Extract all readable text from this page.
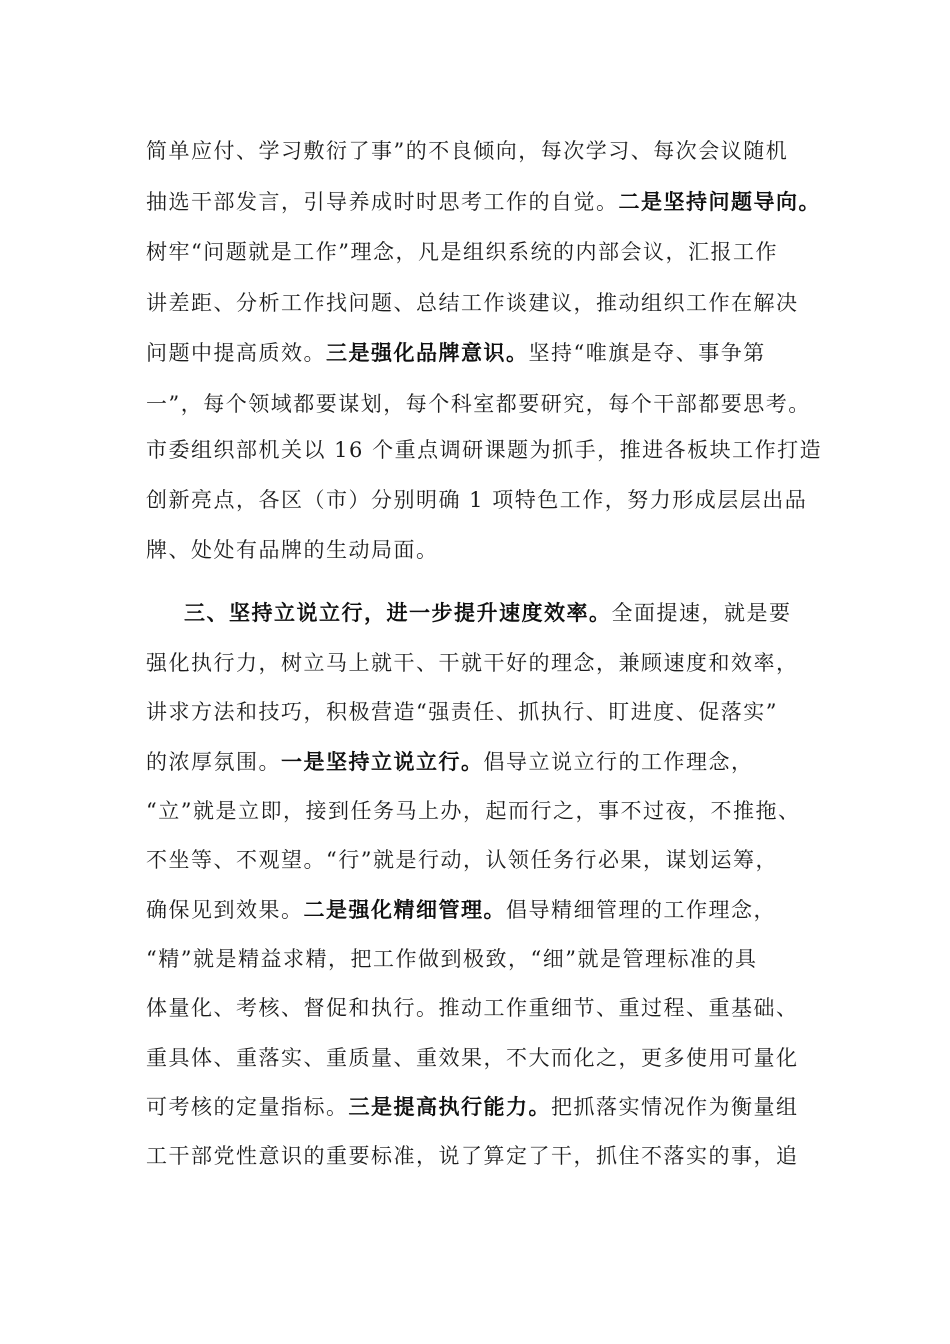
简单应付、学习敷衍了事”的不良倾向，每次学习、每次会议随机
抽选干部发言，引导养成时时思考工作的自觉。二是坚持问题导向。
树牢“问题就是工作”理念，凡是组织系统的内部会议，汇报工作
讲差距、分析工作找问题、总结工作谈建议，推动组织工作在解决
问题中提高质效。三是强化品牌意识。坚持“唯旗是夺、事争第
一”，每个领域都要谋划，每个科室都要研究，每个干部都要思考。
市委组织部机关以 16 个重点调研课题为抓手，推进各板块工作打造
创新亮点，各区（市）分别明确 1 项特色工作，努力形成层层出品
牌、处处有品牌的生动局面。
三、坚持立说立行，进一步提升速度效率。全面提速，就是要
强化执行力，树立马上就干、干就干好的理念，兼顾速度和效率，
讲求方法和技巧，积极营造“强责任、抓执行、盯进度、促落实”
的浓厚氛围。一是坚持立说立行。倡导立说立行的工作理念，
“立”就是立即，接到任务马上办，起而行之，事不过夜，不推拖、
不坐等、不观望。“行”就是行动，认领任务行必果，谋划运筹，
确保见到效果。二是强化精细管理。倡导精细管理的工作理念，
“精”就是精益求精，把工作做到极致，“细”就是管理标准的具
体量化、考核、督促和执行。推动工作重细节、重过程、重基础、
重具体、重落实、重质量、重效果，不大而化之，更多使用可量化
可考核的定量指标。三是提高执行能力。把抓落实情况作为衡量组
工干部党性意识的重要标准，说了算定了干，抓住不落实的事，追
